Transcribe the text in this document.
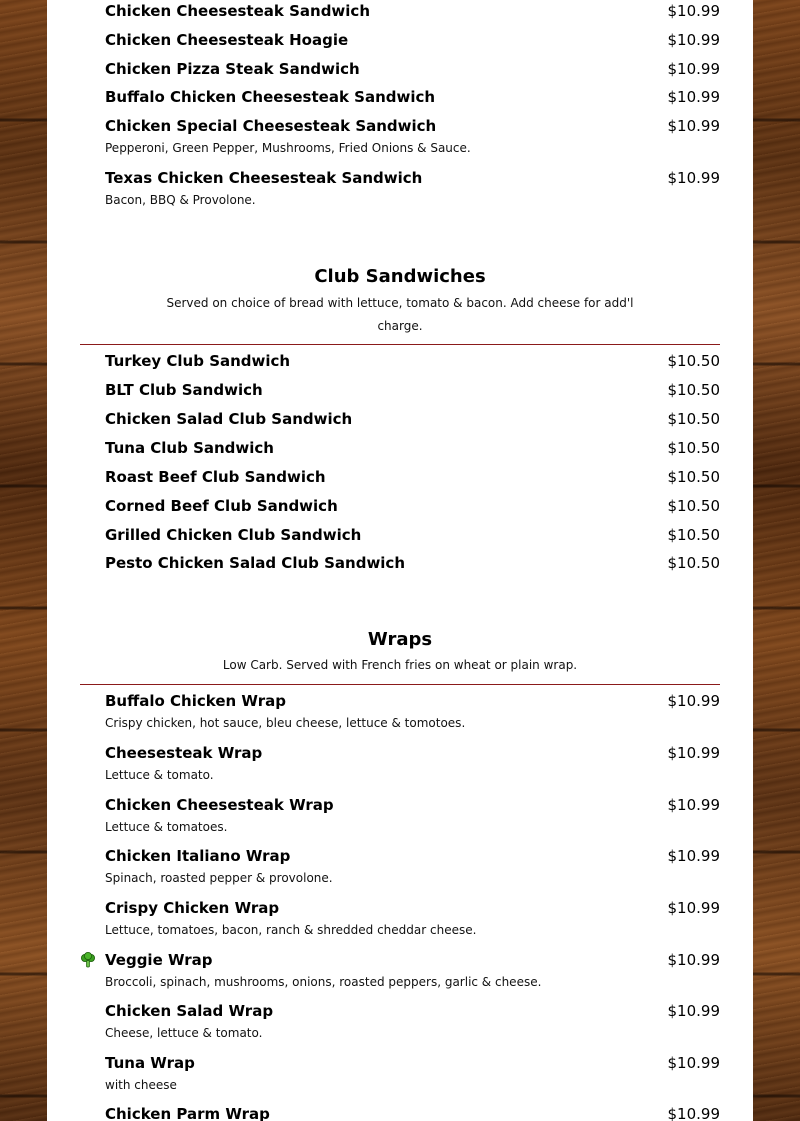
Chicken Cheesesteak Sandwich	$10.99
Chicken Cheesesteak Hoagie	$10.99
Chicken Pizza Steak Sandwich	$10.99
Buffalo Chicken Cheesesteak Sandwich	$10.99
Chicken Special Cheesesteak Sandwich	$10.99
Pepperoni, Green Pepper, Mushrooms, Fried Onions & Sauce.
Texas Chicken Cheesesteak Sandwich	$10.99
Bacon, BBQ & Provolone.
Club Sandwiches
Served on choice of bread with lettuce, tomato & bacon. Add cheese for add'l
charge.
Turkey Club Sandwich	$10.50
BLT Club Sandwich	$10.50
Chicken Salad Club Sandwich	$10.50
Tuna Club Sandwich	$10.50
Roast Beef Club Sandwich	$10.50
Corned Beef Club Sandwich	$10.50
Grilled Chicken Club Sandwich	$10.50
Pesto Chicken Salad Club Sandwich	$10.50
Wraps
Low Carb. Served with French fries on wheat or plain wrap.
Buffalo Chicken Wrap	$10.99
Crispy chicken, hot sauce, bleu cheese, lettuce & tomotoes.
Cheesesteak Wrap	$10.99
Lettuce & tomato.
Chicken Cheesesteak Wrap	$10.99
Lettuce & tomatoes.
Chicken Italiano Wrap	$10.99
Spinach, roasted pepper & provolone.
Crispy Chicken Wrap	$10.99
Lettuce, tomatoes, bacon, ranch & shredded cheddar cheese.
Veggie Wrap	$10.99
Broccoli, spinach, mushrooms, onions, roasted peppers, garlic & cheese.
Chicken Salad Wrap	$10.99
Cheese, lettuce & tomato.
Tuna Wrap	$10.99
with cheese
Chicken Parm Wrap	$10.99
